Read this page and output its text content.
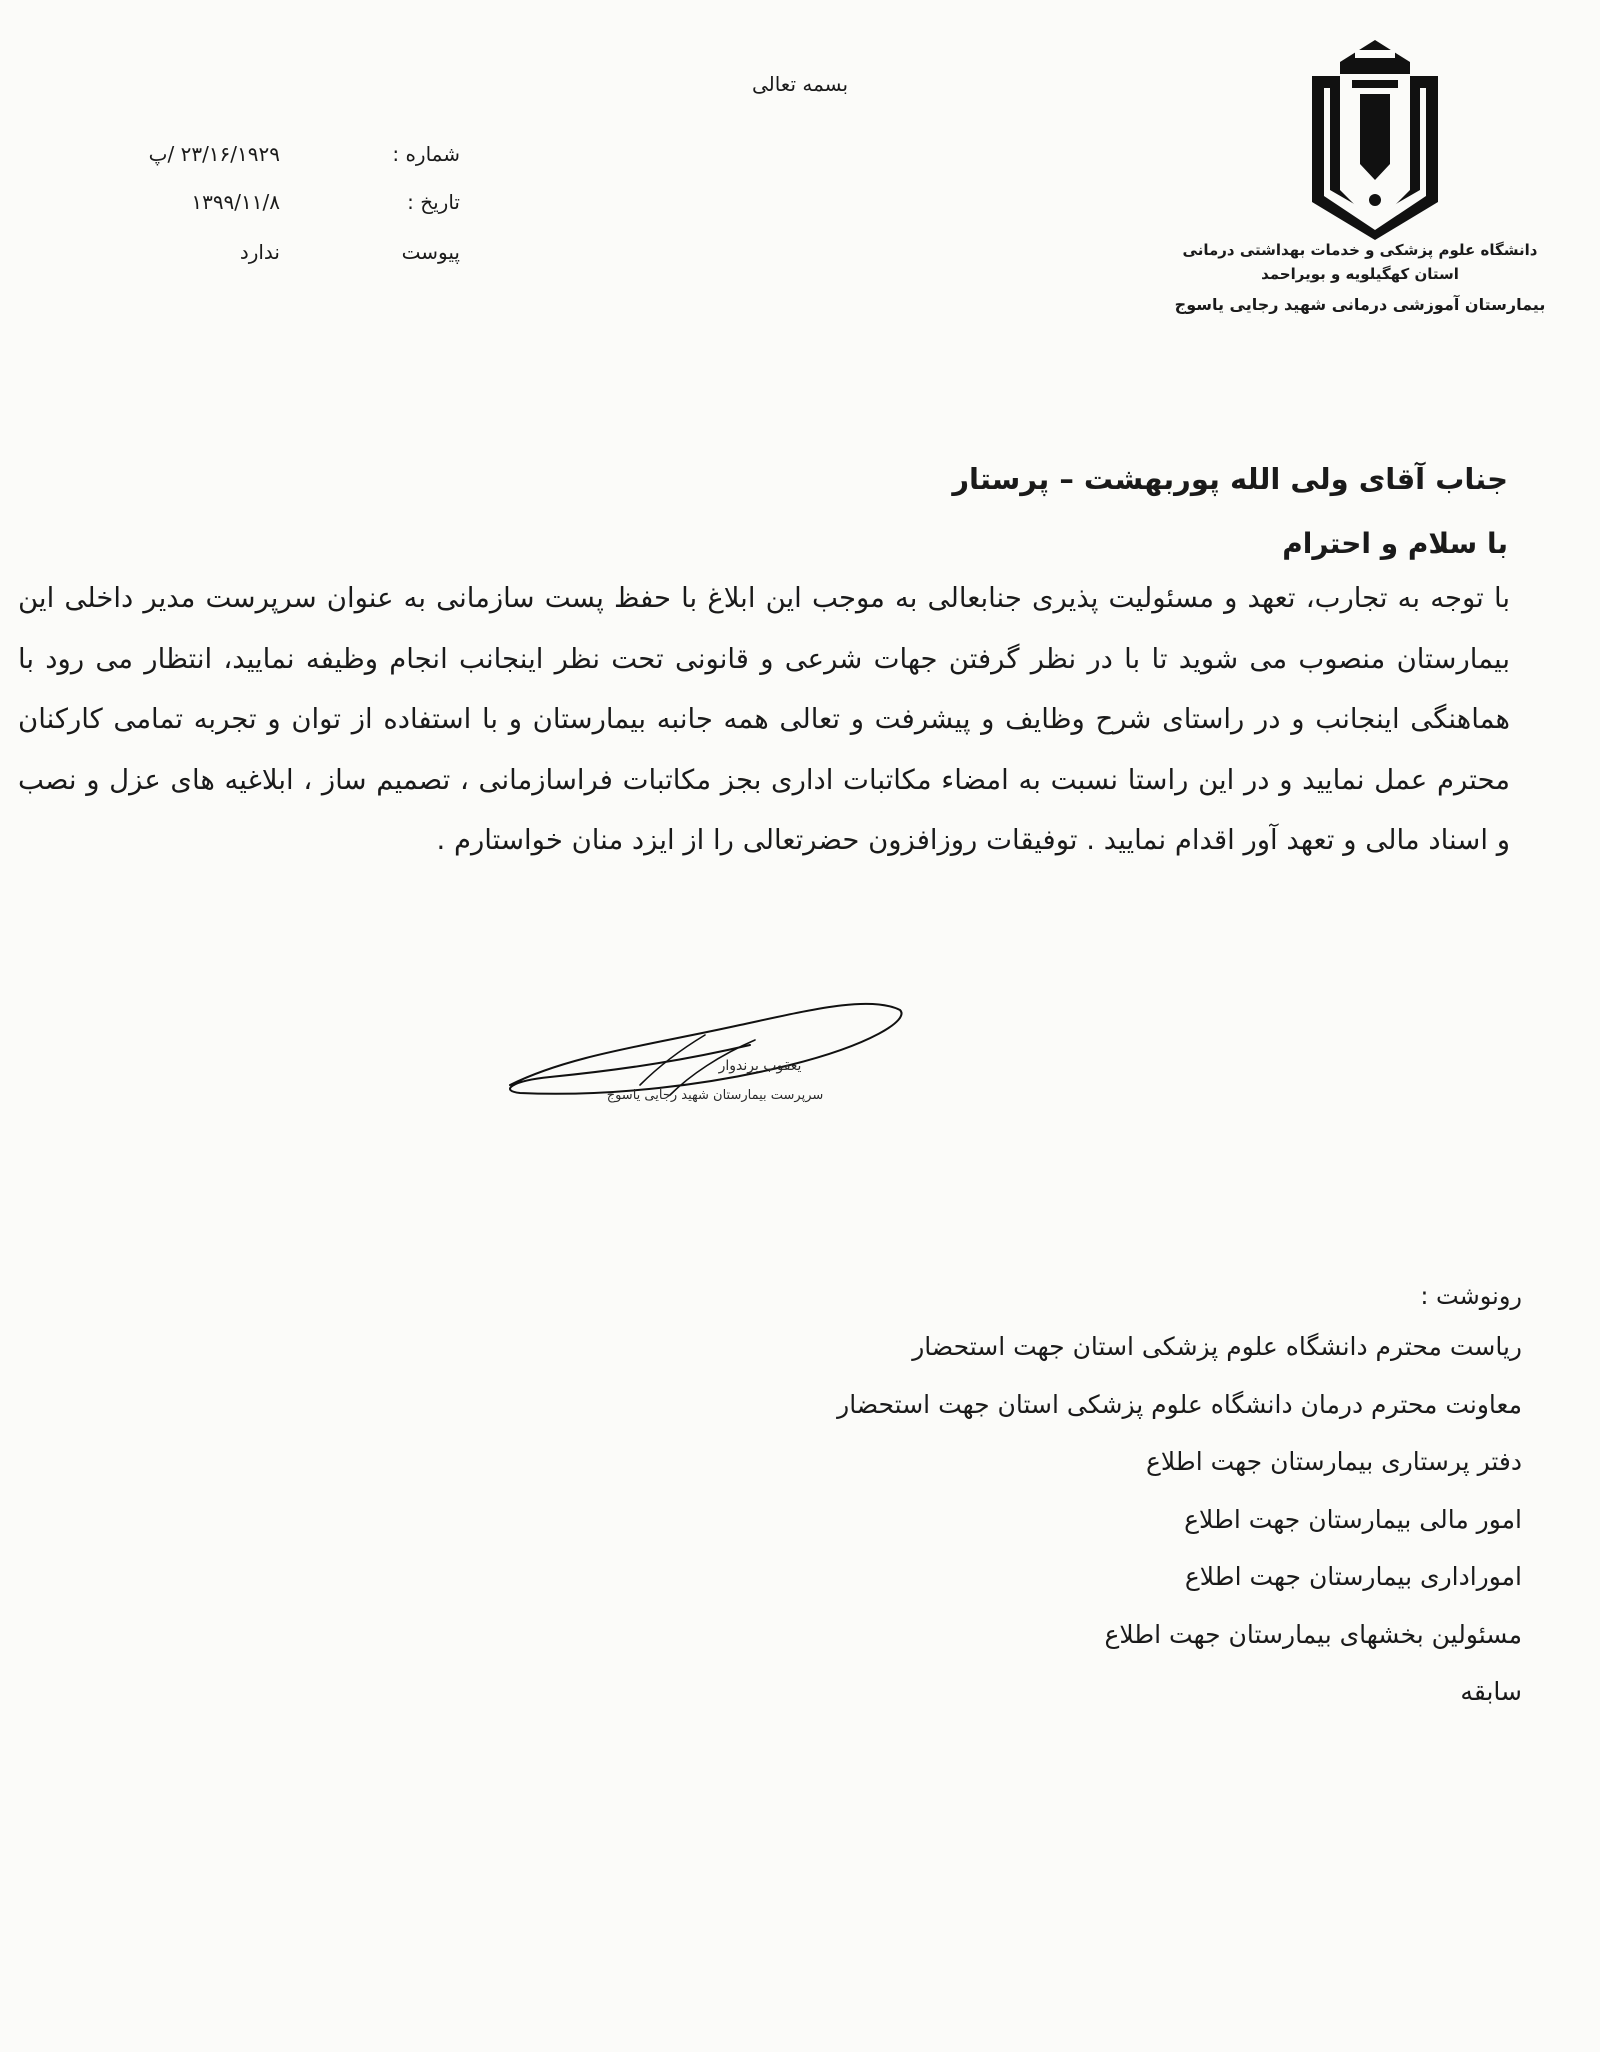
بسمه تعالی
دانشگاه علوم پزشکی و خدمات بهداشتی درمانی
استان کهگیلویه و بویراحمد
بیمارستان آموزشی درمانی شهید رجایی یاسوج
شماره :
۲۳/۱۶/۱۹۲۹ /پ
تاریخ :
۱۳۹۹/۱۱/۸
پیوست
ندارد
جناب آقای ولی الله پوربهشت – پرستار
با سلام و احترام
با توجه به تجارب، تعهد و مسئولیت پذیری جنابعالی به موجب این ابلاغ با حفظ پست سازمانی به عنوان سرپرست مدیر داخلی این بیمارستان منصوب می شوید تا با در نظر گرفتن جهات شرعی و قانونی تحت نظر اینجانب انجام وظیفه نمایید، انتظار می رود با هماهنگی اینجانب و در راستای شرح وظایف و پیشرفت و تعالی همه جانبه بیمارستان و با استفاده از توان و تجربه تمامی کارکنان محترم عمل نمایید و در این راستا نسبت به امضاء مکاتبات اداری بجز مکاتبات فراسازمانی ، تصمیم ساز ، ابلاغیه های عزل و نصب و اسناد مالی و تعهد آور اقدام نمایید . توفیقات روزافزون حضرتعالی را از ایزد منان خواستارم .
یعقوب برندوار
سرپرست بیمارستان شهید رجایی یاسوج
رونوشت :
ریاست محترم دانشگاه علوم پزشکی استان جهت استحضار
معاونت محترم درمان دانشگاه علوم پزشکی استان جهت استحضار
دفتر پرستاری بیمارستان جهت اطلاع
امور مالی بیمارستان جهت اطلاع
اموراداری بیمارستان جهت اطلاع
مسئولین بخشهای بیمارستان جهت اطلاع
سابقه
